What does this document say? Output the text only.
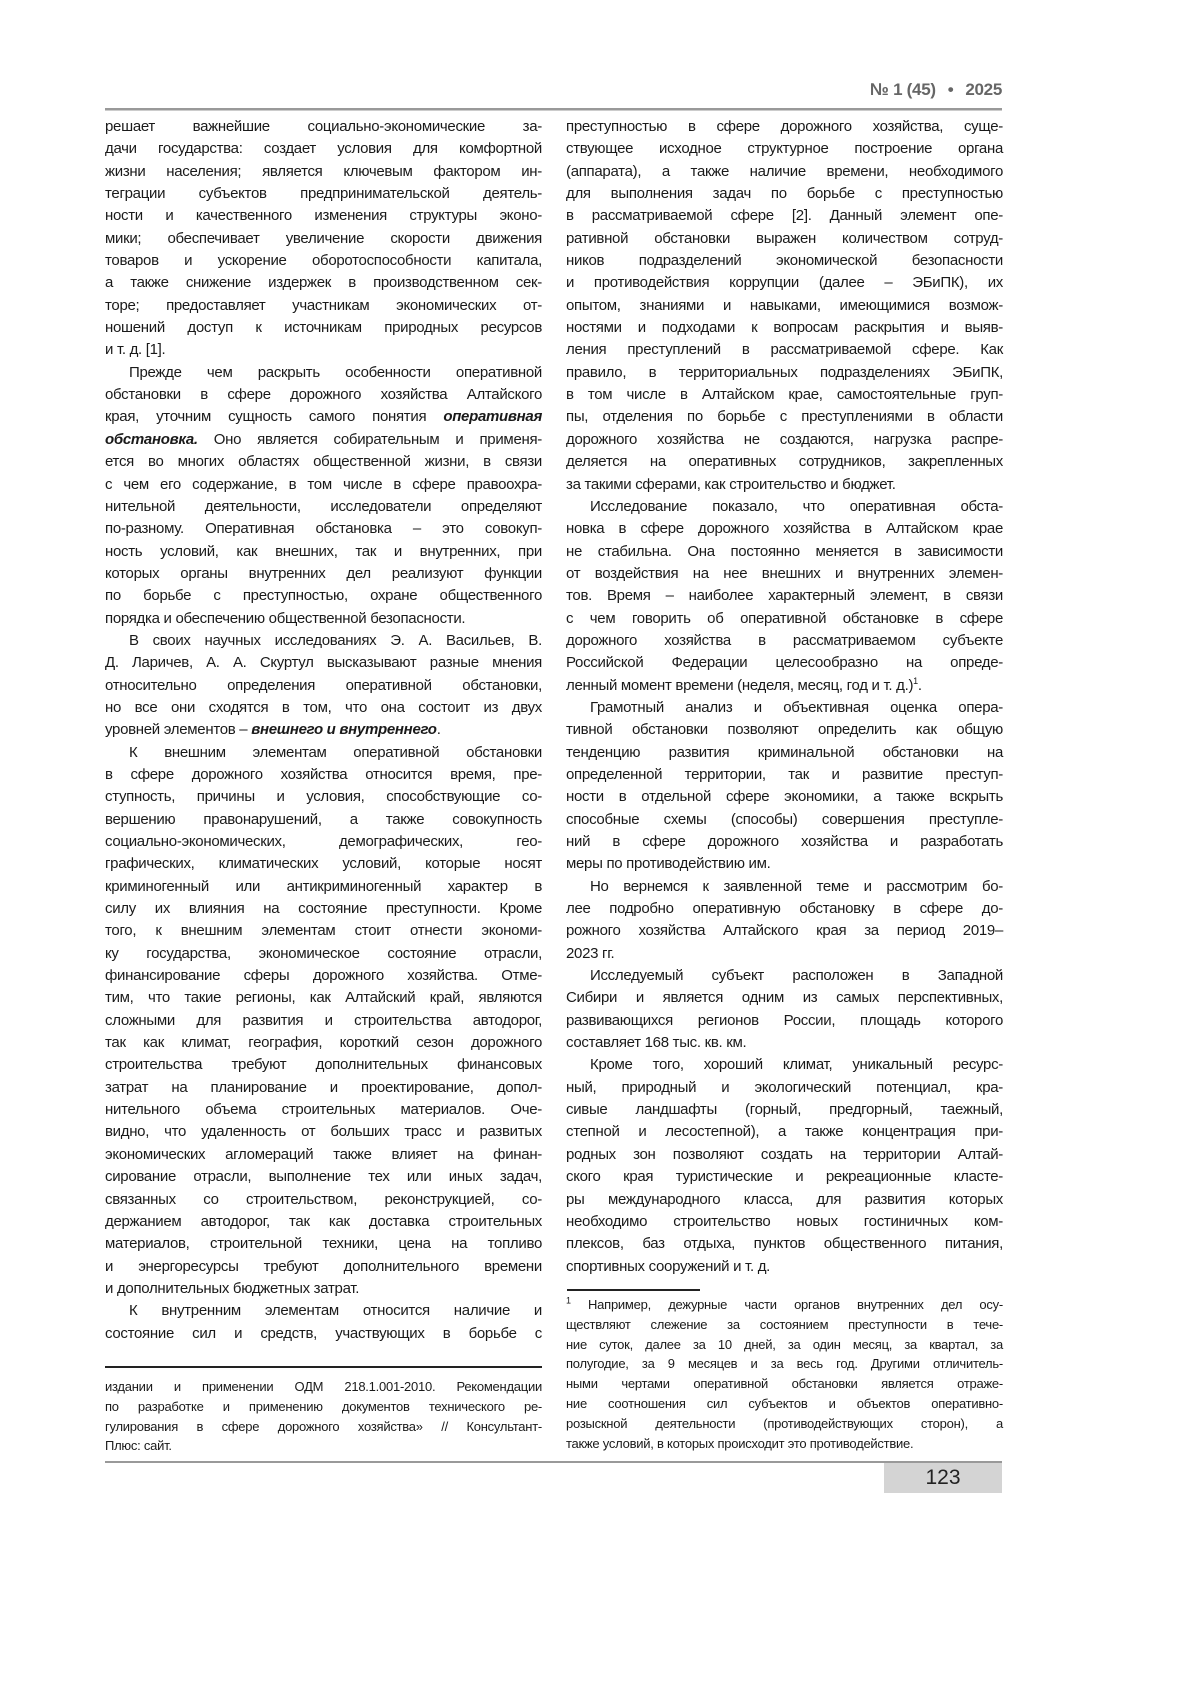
№ 1 (45) • 2025
решает важнейшие социально-экономические за-
дачи государства: создает условия для комфортной
жизни населения; является ключевым фактором ин-
теграции субъектов предпринимательской деятель-
ности и качественного изменения структуры эконо-
мики; обеспечивает увеличение скорости движения
товаров и ускорение оборотоспособности капитала,
а также снижение издержек в производственном сек-
торе; предоставляет участникам экономических от-
ношений доступ к источникам природных ресурсов
и т. д. [1].
Прежде чем раскрыть особенности оперативной
обстановки в сфере дорожного хозяйства Алтайского
края, уточним сущность самого понятия оперативная
обстановка. Оно является собирательным и применя-
ется во многих областях общественной жизни, в связи
с чем его содержание, в том числе в сфере правоохра-
нительной деятельности, исследователи определяют
по-разному. Оперативная обстановка – это совокуп-
ность условий, как внешних, так и внутренних, при
которых органы внутренних дел реализуют функции
по борьбе с преступностью, охране общественного
порядка и обеспечению общественной безопасности.
В своих научных исследованиях Э. А. Васильев, В.
Д. Ларичев, А. А. Скуртул высказывают разные мнения
относительно определения оперативной обстановки,
но все они сходятся в том, что она состоит из двух
уровней элементов – внешнего и внутреннего.
К внешним элементам оперативной обстановки
в сфере дорожного хозяйства относится время, пре-
ступность, причины и условия, способствующие со-
вершению правонарушений, а также совокупность
социально-экономических, демографических, гео-
графических, климатических условий, которые носят
криминогенный или антикриминогенный характер в
силу их влияния на состояние преступности. Кроме
того, к внешним элементам стоит отнести экономи-
ку государства, экономическое состояние отрасли,
финансирование сферы дорожного хозяйства. Отме-
тим, что такие регионы, как Алтайский край, являются
сложными для развития и строительства автодорог,
так как климат, география, короткий сезон дорожного
строительства требуют дополнительных финансовых
затрат на планирование и проектирование, допол-
нительного объема строительных материалов. Оче-
видно, что удаленность от больших трасс и развитых
экономических агломераций также влияет на финан-
сирование отрасли, выполнение тех или иных задач,
связанных со строительством, реконструкцией, со-
держанием автодорог, так как доставка строительных
материалов, строительной техники, цена на топливо
и энергоресурсы требуют дополнительного времени
и дополнительных бюджетных затрат.
К внутренним элементам относится наличие и
состояние сил и средств, участвующих в борьбе с
преступностью в сфере дорожного хозяйства, суще-
ствующее исходное структурное построение органа
(аппарата), а также наличие времени, необходимого
для выполнения задач по борьбе с преступностью
в рассматриваемой сфере [2]. Данный элемент опе-
ративной обстановки выражен количеством сотруд-
ников подразделений экономической безопасности
и противодействия коррупции (далее – ЭБиПК), их
опытом, знаниями и навыками, имеющимися возмож-
ностями и подходами к вопросам раскрытия и выяв-
ления преступлений в рассматриваемой сфере. Как
правило, в территориальных подразделениях ЭБиПК,
в том числе в Алтайском крае, самостоятельные груп-
пы, отделения по борьбе с преступлениями в области
дорожного хозяйства не создаются, нагрузка распре-
деляется на оперативных сотрудников, закрепленных
за такими сферами, как строительство и бюджет.
Исследование показало, что оперативная обста-
новка в сфере дорожного хозяйства в Алтайском крае
не стабильна. Она постоянно меняется в зависимости
от воздействия на нее внешних и внутренних элемен-
тов. Время – наиболее характерный элемент, в связи
с чем говорить об оперативной обстановке в сфере
дорожного хозяйства в рассматриваемом субъекте
Российской Федерации целесообразно на опреде-
ленный момент времени (неделя, месяц, год и т. д.)1.
Грамотный анализ и объективная оценка опера-
тивной обстановки позволяют определить как общую
тенденцию развития криминальной обстановки на
определенной территории, так и развитие преступ-
ности в отдельной сфере экономики, а также вскрыть
способные схемы (способы) совершения преступле-
ний в сфере дорожного хозяйства и разработать
меры по противодействию им.
Но вернемся к заявленной теме и рассмотрим бо-
лее подробно оперативную обстановку в сфере до-
рожного хозяйства Алтайского края за период 2019–
2023 гг.
Исследуемый субъект расположен в Западной
Сибири и является одним из самых перспективных,
развивающихся регионов России, площадь которого
составляет 168 тыс. кв. км.
Кроме того, хороший климат, уникальный ресурс-
ный, природный и экологический потенциал, кра-
сивые ландшафты (горный, предгорный, таежный,
степной и лесостепной), а также концентрация при-
родных зон позволяют создать на территории Алтай-
ского края туристические и рекреационные класте-
ры международного класса, для развития которых
необходимо строительство новых гостиничных ком-
плексов, баз отдыха, пунктов общественного питания,
спортивных сооружений и т. д.
издании и применении ОДМ 218.1.001-2010. Рекомендации
по разработке и применению документов технического ре-
гулирования в сфере дорожного хозяйства» // Консультант-
Плюс: сайт.
1 Например, дежурные части органов внутренних дел осу-
ществляют слежение за состоянием преступности в тече-
ние суток, далее за 10 дней, за один месяц, за квартал, за
полугодие, за 9 месяцев и за весь год. Другими отличитель-
ными чертами оперативной обстановки является отраже-
ние соотношения сил субъектов и объектов оперативно-
розыскной деятельности (противодействующих сторон), а
также условий, в которых происходит это противодействие.
123
